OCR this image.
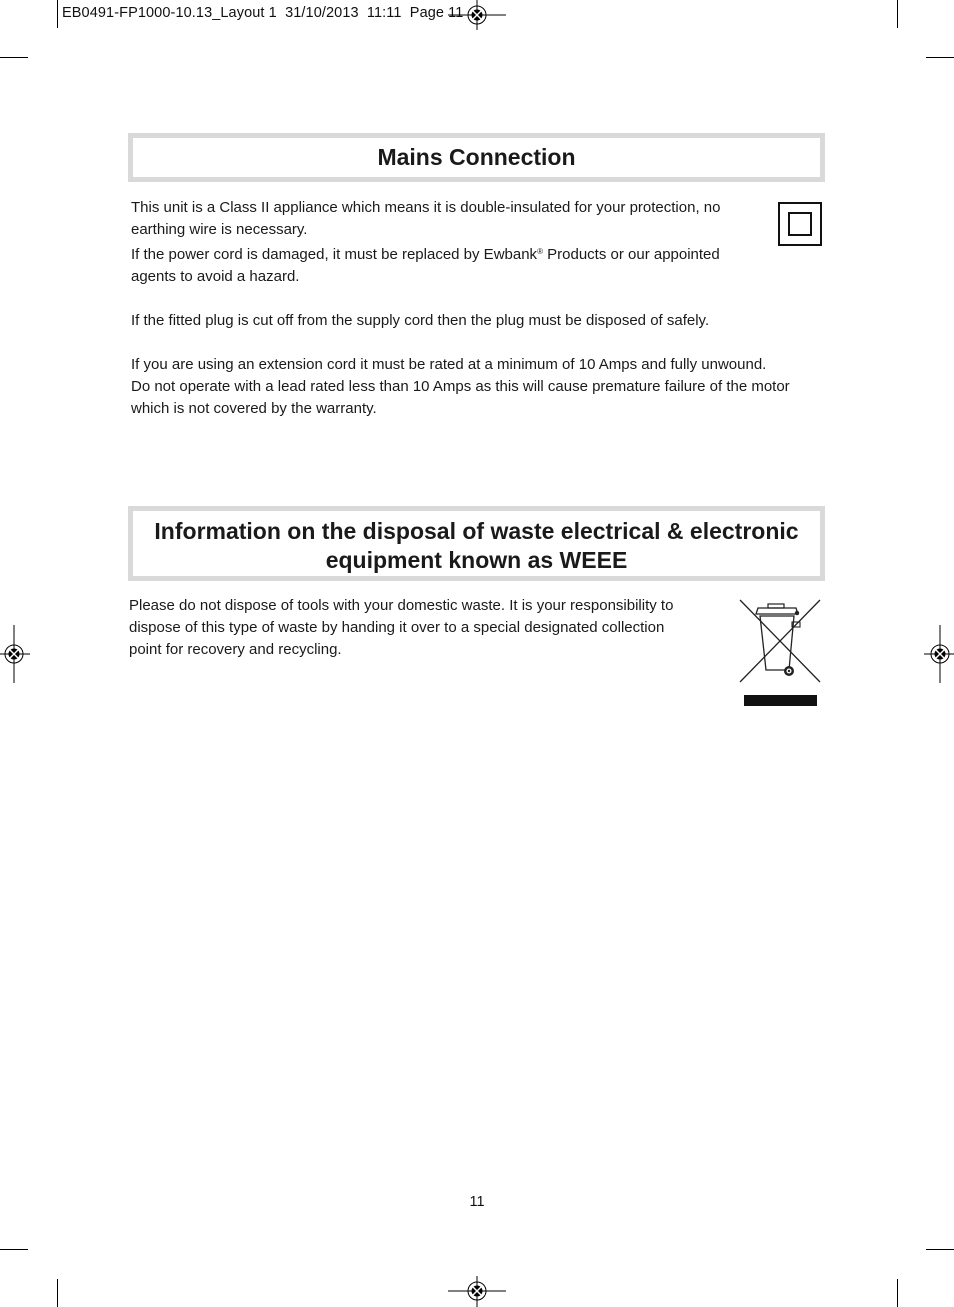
EB0491-FP1000-10.13_Layout 1  31/10/2013  11:11  Page 11
Mains Connection

This unit is a Class II appliance which means it is double-insulated for your protection, no
earthing wire is necessary.

If the power cord is damaged, it must be replaced by Ewbank® Products or our appointed
agents to avoid a hazard.

If the fitted plug is cut off from the supply cord then the plug must be disposed of safely.

If you are using an extension cord it must be rated at a minimum of 10 Amps and fully unwound.
Do not operate with a lead rated less than 10 Amps as this will cause premature failure of the motor
which is not covered by the warranty.

Information on the disposal of waste electrical & electronic
equipment known as WEEE

Please do not dispose of tools with your domestic waste. It is your responsibility to
dispose of this type of waste by handing it over to a special designated collection
point for recovery and recycling.

11
